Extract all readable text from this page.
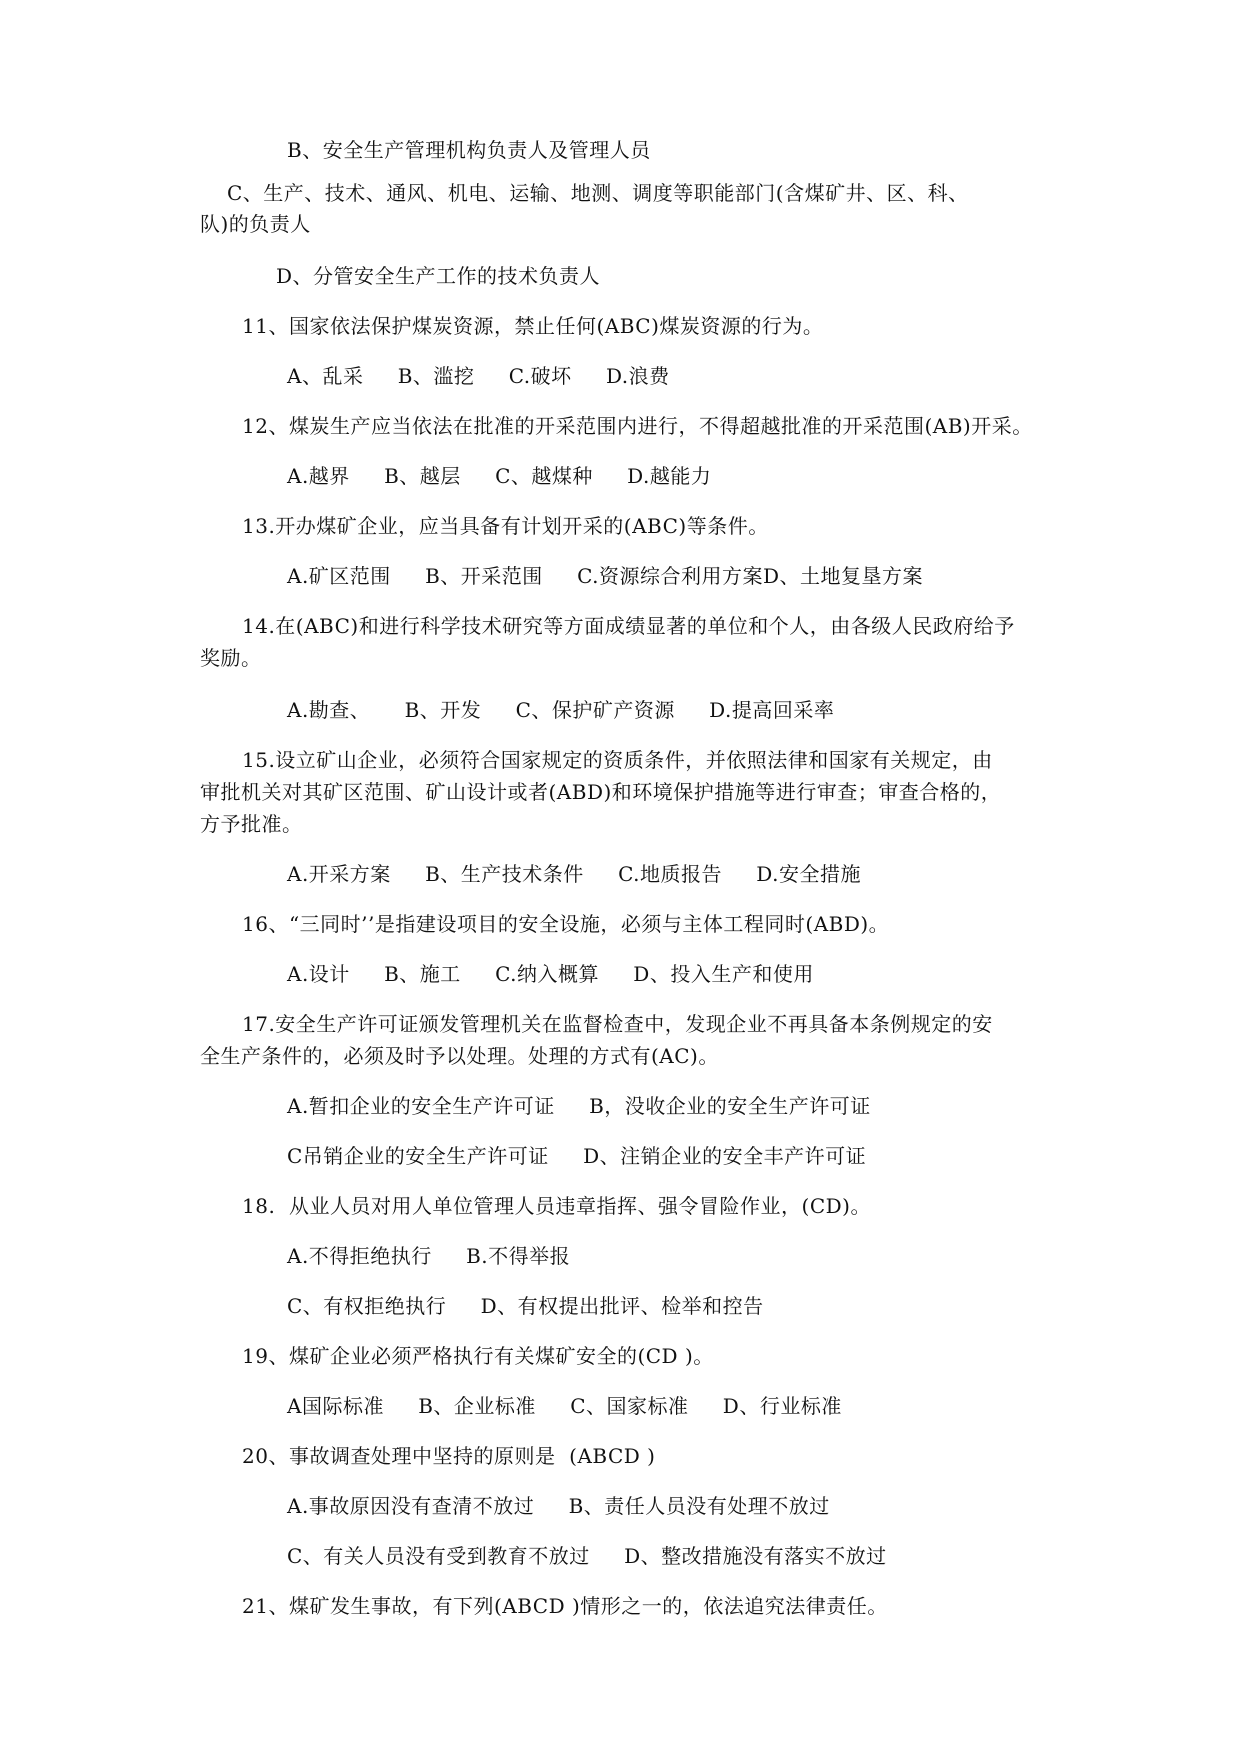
B、安全生产管理机构负责人及管理人员
C、生产、技术、通风、机电、运输、地测、调度等职能部门(含煤矿井、区、科、
队)的负责人
D、分管安全生产工作的技术负责人
11、国家依法保护煤炭资源，禁止任何(ABC)煤炭资源的行为。
A、乱采     B、滥挖     C.破坏     D.浪费
12、煤炭生产应当依法在批准的开采范围内进行，不得超越批准的开采范围(AB)开采。
A.越界     B、越层     C、越煤种     D.越能力
13.开办煤矿企业，应当具备有计划开采的(ABC)等条件。
A.矿区范围     B、开采范围     C.资源综合利用方案D、土地复垦方案
14.在(ABC)和进行科学技术研究等方面成绩显著的单位和个人，由各级人民政府给予
奖励。
A.勘查、     B、开发     C、保护矿产资源     D.提高回采率
15.设立矿山企业，必须符合国家规定的资质条件，并依照法律和国家有关规定，由
审批机关对其矿区范围、矿山设计或者(ABD)和环境保护措施等进行审查；审查合格的，
方予批准。
A.开采方案     B、生产技术条件     C.地质报告     D.安全措施
16、“三同时’’是指建设项目的安全设施，必须与主体工程同时(ABD)。
A.设计     B、施工     C.纳入概算     D、投入生产和使用
17.安全生产许可证颁发管理机关在监督检查中，发现企业不再具备本条例规定的安
全生产条件的，必须及时予以处理。处理的方式有(AC)。
A.暂扣企业的安全生产许可证     B，没收企业的安全生产许可证
C吊销企业的安全生产许可证     D、注销企业的安全丰产许可证
18.  从业人员对用人单位管理人员违章指挥、强令冒险作业，(CD)。
A.不得拒绝执行     B.不得举报
C、有权拒绝执行     D、有权提出批评、检举和控告
19、煤矿企业必须严格执行有关煤矿安全的(CD )。
A国际标准     B、企业标准     C、国家标准     D、行业标准
20、事故调查处理中坚持的原则是  (ABCD )
A.事故原因没有查清不放过     B、责任人员没有处理不放过
C、有关人员没有受到教育不放过     D、整改措施没有落实不放过
21、煤矿发生事故，有下列(ABCD )情形之一的，依法追究法律责任。
